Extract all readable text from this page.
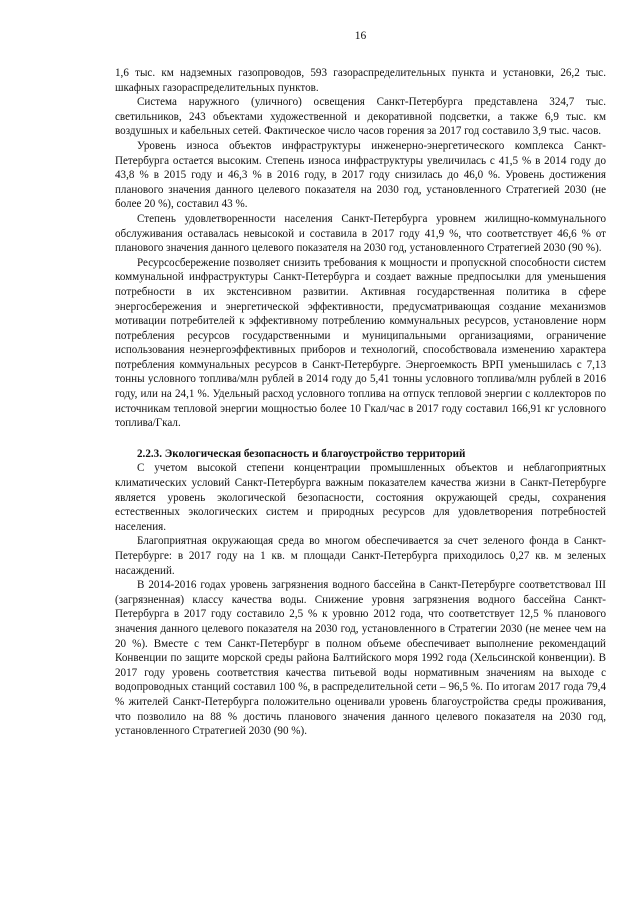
16

1,6 тыс. км надземных газопроводов, 593 газораспределительных пункта и установки, 26,2 тыс. шкафных газораспределительных пунктов.

Система наружного (уличного) освещения Санкт-Петербурга представлена 324,7 тыс. светильников, 243 объектами художественной и декоративной подсветки, а также 6,9 тыс. км воздушных и кабельных сетей. Фактическое число часов горения за 2017 год составило 3,9 тыс. часов.

Уровень износа объектов инфраструктуры инженерно-энергетического комплекса Санкт-Петербурга остается высоким. Степень износа инфраструктуры увеличилась с 41,5 % в 2014 году до 43,8 % в 2015 году и 46,3 % в 2016 году, в 2017 году снизилась до 46,0 %. Уровень достижения планового значения данного целевого показателя на 2030 год, установленного Стратегией 2030 (не более 20 %), составил 43 %.

Степень удовлетворенности населения Санкт-Петербурга уровнем жилищно-коммунального обслуживания оставалась невысокой и составила в 2017 году 41,9 %, что соответствует 46,6 % от планового значения данного целевого показателя на 2030 год, установленного Стратегией 2030 (90 %).

Ресурсосбережение позволяет снизить требования к мощности и пропускной способности систем коммунальной инфраструктуры Санкт-Петербурга и создает важные предпосылки для уменьшения потребности в их экстенсивном развитии. Активная государственная политика в сфере энергосбережения и энергетической эффективности, предусматривающая создание механизмов мотивации потребителей к эффективному потреблению коммунальных ресурсов, установление норм потребления ресурсов государственными и муниципальными организациями, ограничение использования неэнергоэффективных приборов и технологий, способствовала изменению характера потребления коммунальных ресурсов в Санкт-Петербурге. Энергоемкость ВРП уменьшилась с 7,13 тонны условного топлива/млн рублей в 2014 году до 5,41 тонны условного топлива/млн рублей в 2016 году, или на 24,1 %. Удельный расход условного топлива на отпуск тепловой энергии с коллекторов по источникам тепловой энергии мощностью более 10 Гкал/час в 2017 году составил 166,91 кг условного топлива/Гкал.

2.2.3. Экологическая безопасность и благоустройство территорий

С учетом высокой степени концентрации промышленных объектов и неблагоприятных климатических условий Санкт-Петербурга важным показателем качества жизни в Санкт-Петербурге является уровень экологической безопасности, состояния окружающей среды, сохранения естественных экологических систем и природных ресурсов для удовлетворения потребностей населения.

Благоприятная окружающая среда во многом обеспечивается за счет зеленого фонда в Санкт-Петербурге: в 2017 году на 1 кв. м площади Санкт-Петербурга приходилось 0,27 кв. м зеленых насаждений.

В 2014-2016 годах уровень загрязнения водного бассейна в Санкт-Петербурге соответствовал III (загрязненная) классу качества воды. Снижение уровня загрязнения водного бассейна Санкт-Петербурга в 2017 году составило 2,5 % к уровню 2012 года, что соответствует 12,5 % планового значения данного целевого показателя на 2030 год, установленного в Стратегии 2030 (не менее чем на 20 %). Вместе с тем Санкт-Петербург в полном объеме обеспечивает выполнение рекомендаций Конвенции по защите морской среды района Балтийского моря 1992 года (Хельсинской конвенции). В 2017 году уровень соответствия качества питьевой воды нормативным значениям на выходе с водопроводных станций составил 100 %, в распределительной сети – 96,5 %. По итогам 2017 года 79,4 % жителей Санкт-Петербурга положительно оценивали уровень благоустройства среды проживания, что позволило на 88 % достичь планового значения данного целевого показателя на 2030 год, установленного Стратегией 2030 (90 %).
